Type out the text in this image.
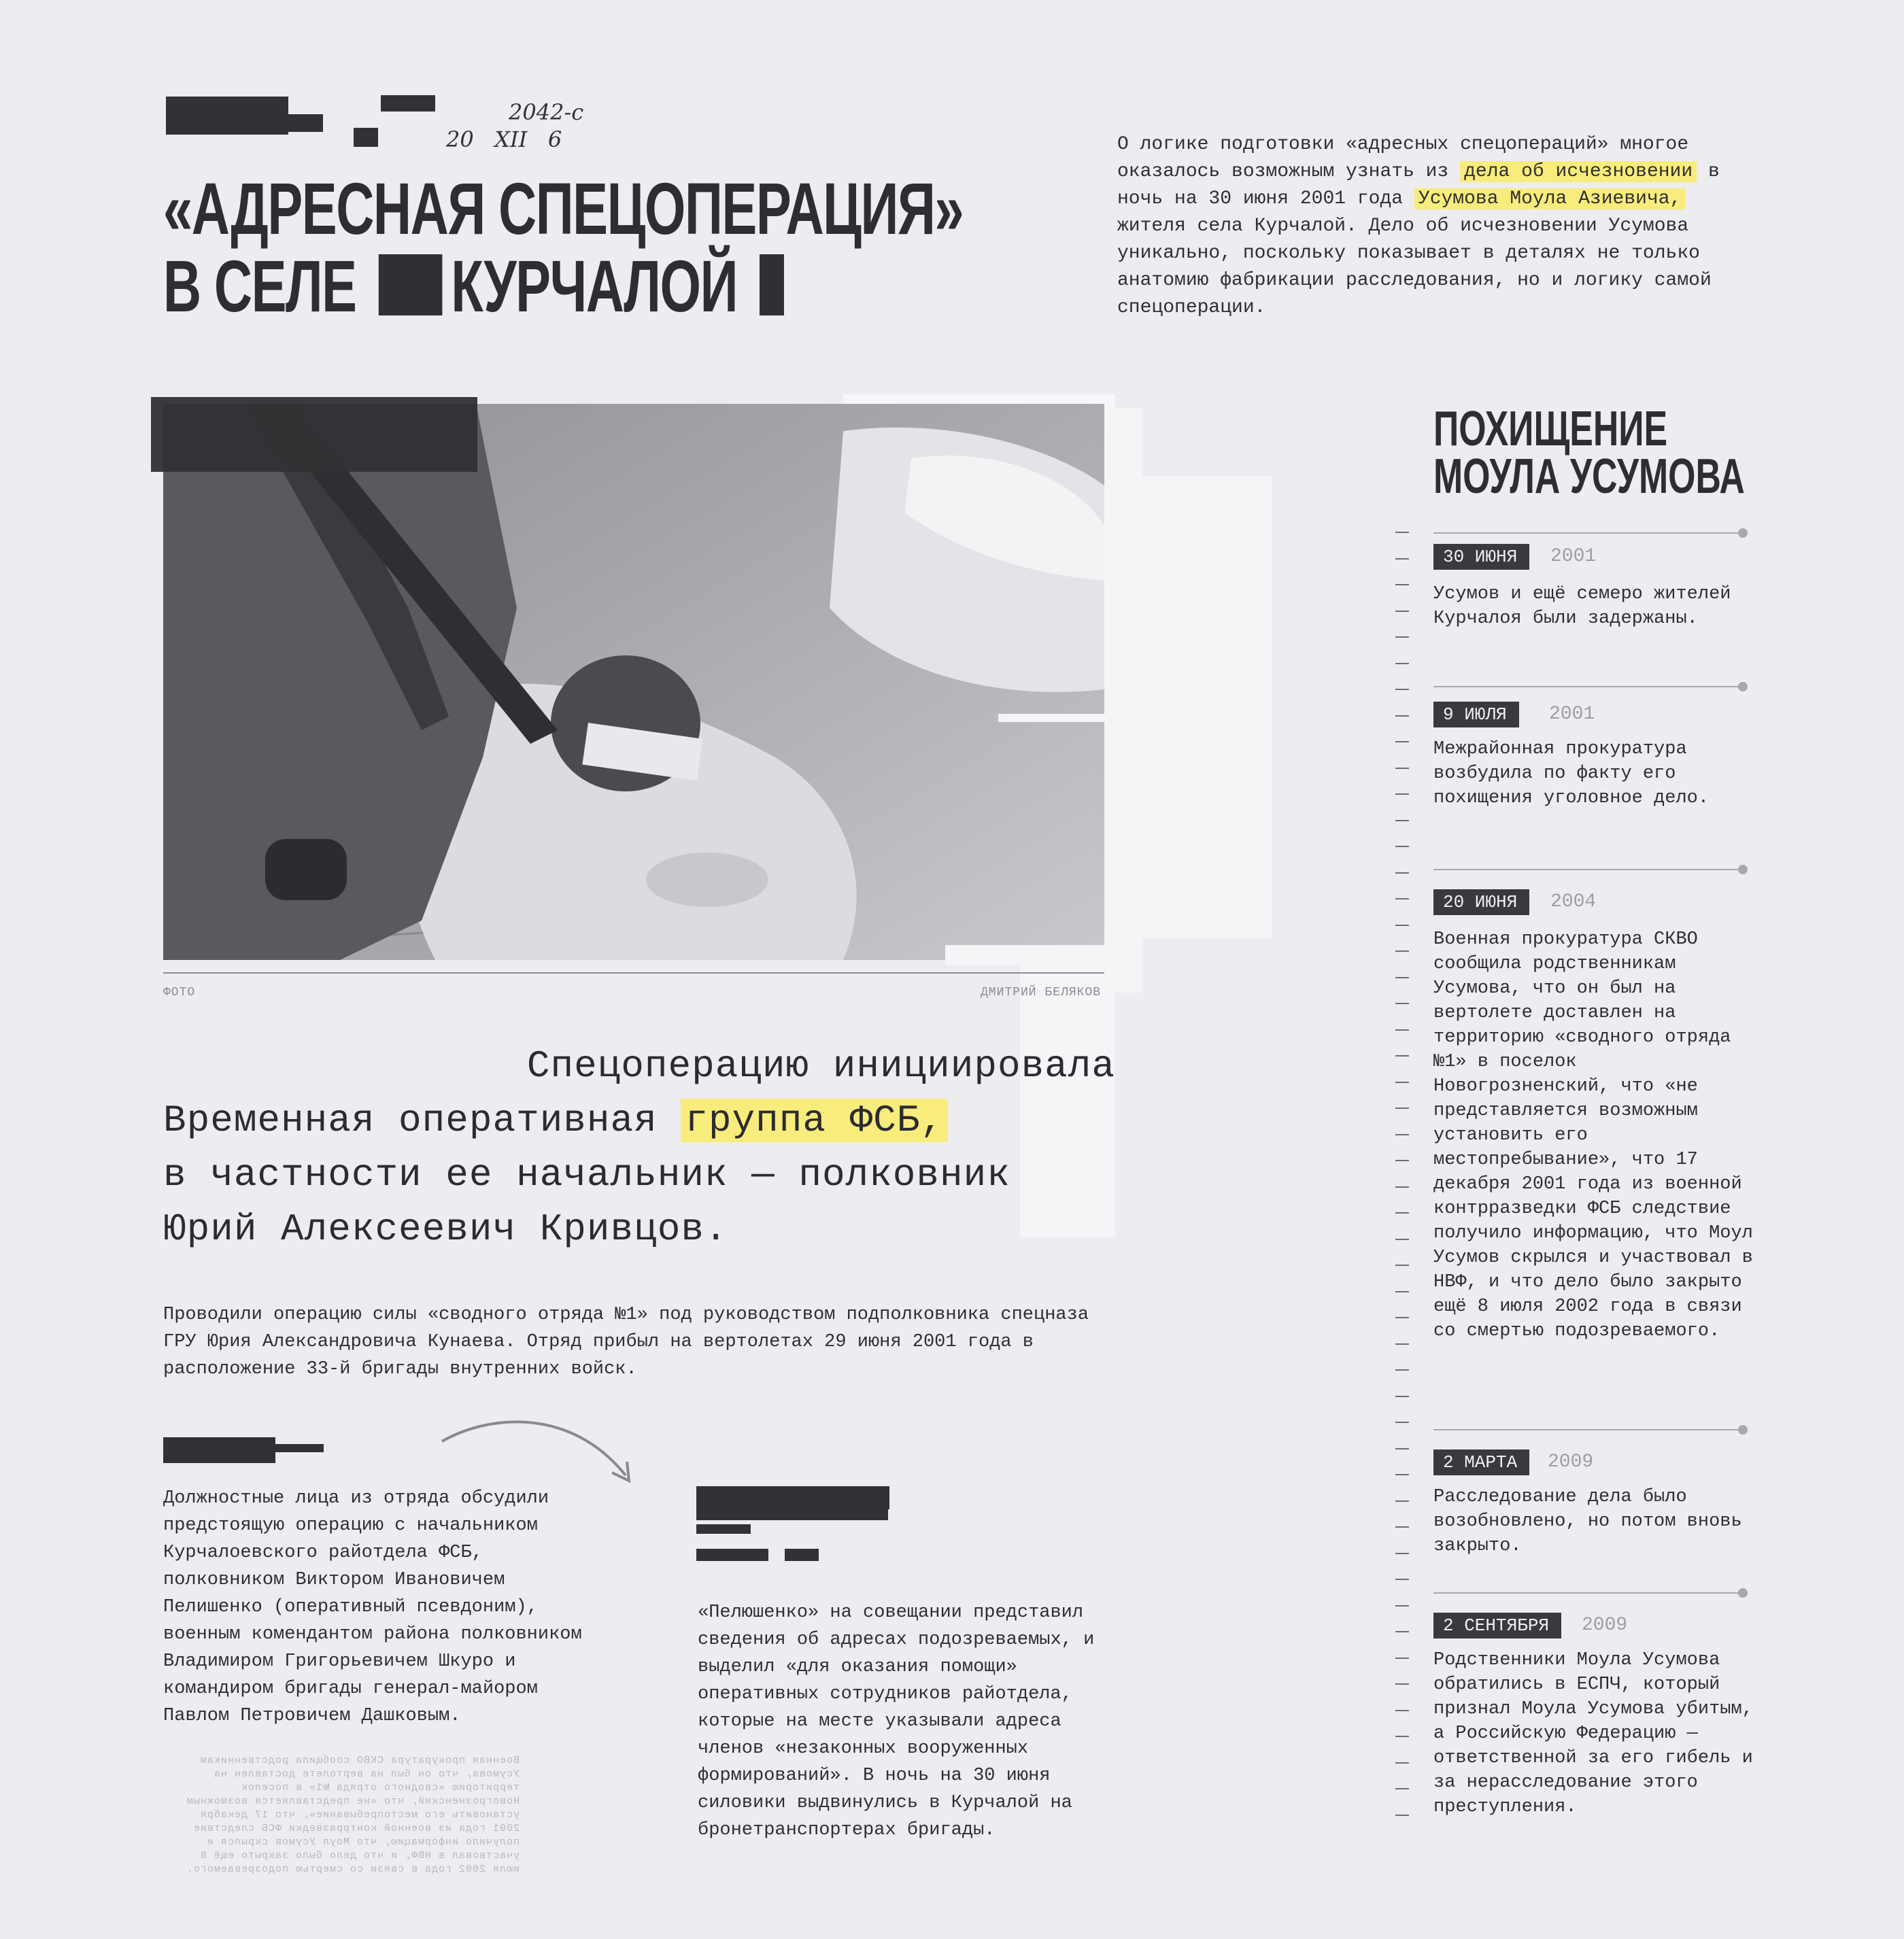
2042-с
20   XII   6
«АДРЕСНАЯ СПЕЦОПЕРАЦИЯ»
В СЕЛЕ КУРЧАЛОЙ
О логике подготовки «адресных спецопераций» многое оказалось возможным узнать из дела об исчезновении в ночь на 30 июня 2001 года Усумова Моула Азиевича, жителя села Курчалой. Дело об исчезновении Усумова уникально, поскольку показывает в деталях не только анатомию фабрикации расследования, но и логику самой спецоперации.
ФОТО	ДМИТРИЙ БЕЛЯКОВ
Спецоперацию инициировала
Временная оперативная группа ФСБ,
в частности ее начальник — полковник
Юрий Алексеевич Кривцов.
Проводили операцию силы «сводного отряда №1» под руководством подполковника спецназа ГРУ Юрия Александровича Кунаева. Отряд прибыл на вертолетах 29 июня 2001 года в расположение 33-й бригады внутренних войск.
Должностные лица из отряда обсудили предстоящую операцию с начальником Курчалоевского райотдела ФСБ, полковником Виктором Ивановичем Пелишенко (оперативный псевдоним), военным комендантом района полковником Владимиром Григорьевичем Шкуро и командиром бригады генерал-майором Павлом Петровичем Дашковым.
Военная прокуратура СКВО сообщила родственникам Усумова, что он был на вертолете доставлен на территорию «сводного отряда №1» в поселок Новогрозненский, что «не представляется возможным установить его местопребывание», что 17 декабря 2001 года из военной контрразведки ФСБ следствие получило информацию, что Моул Усумов скрылся и участвовал в НВФ, и что дело было закрыто ещё 8 июля 2002 года в связи со смертью подозреваемого.
«Пелюшенко» на совещании представил сведения об адресах подозреваемых, и выделил «для оказания помощи» оперативных сотрудников райотдела, которые на месте указывали адреса членов «незаконных вооруженных формирований». В ночь на 30 июня силовики выдвинулись в Курчалой на бронетранспортерах бригады.
ПОХИЩЕНИЕ
МОУЛА УСУМОВА
30 ИЮНЯ	2001
Усумов и ещё семеро жителей Курчалоя были задержаны.
9 ИЮЛЯ	2001
Межрайонная прокуратура возбудила по факту его похищения уголовное дело.
20 ИЮНЯ	2004
Военная прокуратура СКВО сообщила родственникам Усумова, что он был на вертолете доставлен на территорию «сводного отряда №1» в поселок Новогрозненский, что «не представляется возможным установить его местопребывание», что 17 декабря 2001 года из военной контрразведки ФСБ следствие получило информацию, что Моул Усумов скрылся и участвовал в НВФ, и что дело было закрыто ещё 8 июля 2002 года в связи со смертью подозреваемого.
2 МАРТА	2009
Расследование дела было возобновлено, но потом вновь закрыто.
2 СЕНТЯБРЯ	2009
Родственники Моула Усумова обратились в ЕСПЧ, который признал Моула Усумова убитым, а Российскую Федерацию — ответственной за его гибель и за нерасследование этого преступления.
